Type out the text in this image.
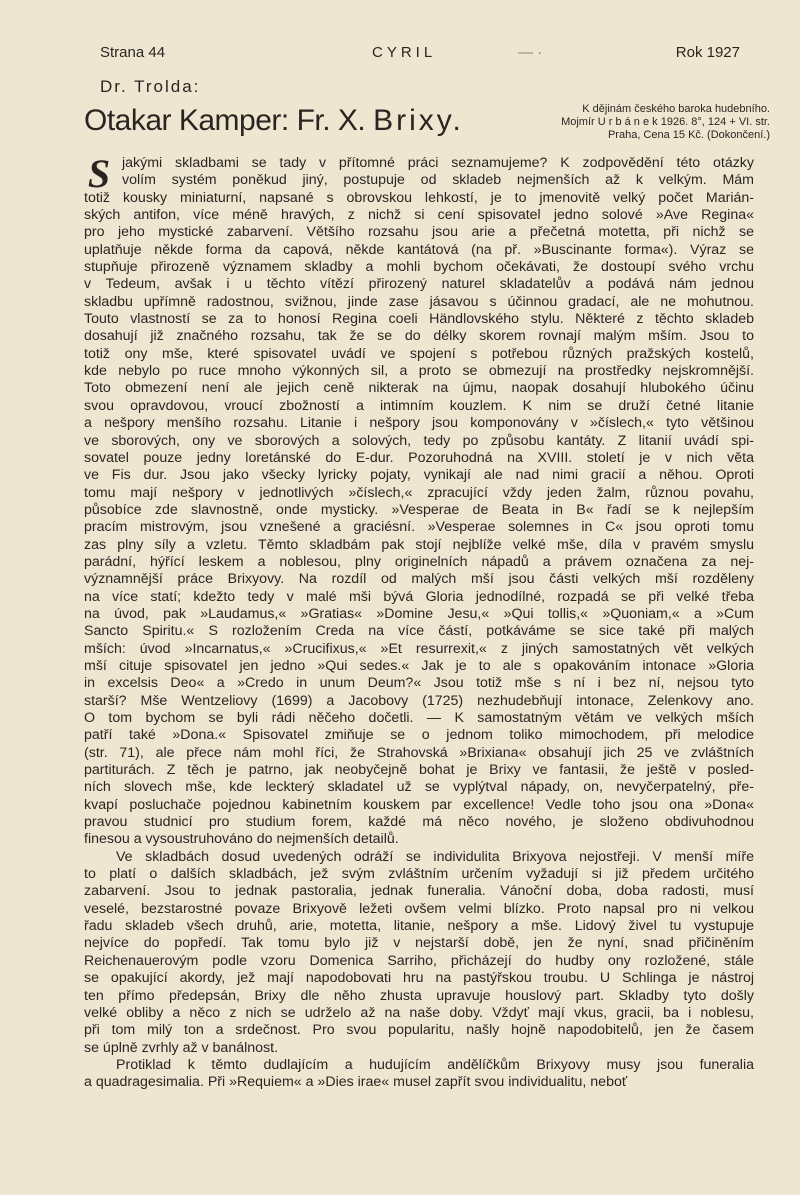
Strana 44	CYRIL	— ·	Rok 1927
Dr. Trolda:
Otakar Kamper: Fr. X. Brixy.	K dějinám českého baroka hudebního.
Mojmír U r b á n e k 1926. 8°, 124 + VI. str.
Praha, Cena 15 Kč. (Dokončení.)
S jakými skladbami se tady v přítomné práci seznamujeme? K zodpovědění této otázky
volím systém poněkud jiný, postupuje od skladeb nejmenších až k velkým. Mám
totiž kousky miniaturní, napsané s obrovskou lehkostí, je to jmenovitě velký počet Marián-
ských antifon, více méně hravých, z nichž si cení spisovatel jedno solové »Ave Regina«
pro jeho mystické zabarvení. Většího rozsahu jsou arie a přečetná motetta, při nichž se
uplatňuje někde forma da capová, někde kantátová (na př. »Buscinante forma«). Výraz se
stupňuje přirozeně významem skladby a mohli bychom očekávati, že dostoupí svého vrchu
v Tedeum, avšak i u těchto vítězí přirozený naturel skladatelův a podává nám jednou
skladbu upřímně radostnou, svižnou, jinde zase jásavou s účinnou gradací, ale ne mohutnou.
Touto vlastností se za to honosí Regina coeli Händlovského stylu. Některé z těchto skladeb
dosahují již značného rozsahu, tak že se do délky skorem rovnají malým mším. Jsou to
totiž ony mše, které spisovatel uvádí ve spojení s potřebou různých pražských kostelů,
kde nebylo po ruce mnoho výkonných sil, a proto se obmezují na prostředky nejskromnější.
Toto obmezení není ale jejich ceně nikterak na újmu, naopak dosahují hlubokého účinu
svou opravdovou, vroucí zbožností a intimním kouzlem. K nim se druží četné litanie
a nešpory menšího rozsahu. Litanie i nešpory jsou komponovány v »číslech,« tyto většinou
ve sborových, ony ve sborových a solových, tedy po způsobu kantáty. Z litanií uvádí spi-
sovatel pouze jedny loretánské do E-dur. Pozoruhodná na XVIII. století je v nich věta
ve Fis dur. Jsou jako všecky lyricky pojaty, vynikají ale nad nimi gracií a něhou. Oproti
tomu mají nešpory v jednotlivých »číslech,« zpracující vždy jeden žalm, různou povahu,
působíce zde slavnostně, onde mysticky. »Vesperae de Beata in B« řadí se k nejlepším
pracím mistrovým, jsou vznešené a graciésní. »Vesperae solemnes in C« jsou oproti tomu
zas plny síly a vzletu. Těmto skladbám pak stojí nejblíže velké mše, díla v pravém smyslu
parádní, hýřící leskem a noblesou, plny originelních nápadů a právem označena za nej-
významnější práce Brixyovy. Na rozdíl od malých mší jsou části velkých mší rozděleny
na více statí; kdežto tedy v malé mši bývá Gloria jednodílné, rozpadá se při velké třeba
na úvod, pak »Laudamus,« »Gratias« »Domine Jesu,« »Qui tollis,« »Quoniam,« a »Cum
Sancto Spiritu.« S rozložením Creda na více částí, potkáváme se sice také při malých
mších: úvod »Incarnatus,« »Crucifixus,« »Et resurrexit,« z jiných samostatných vět velkých
mší cituje spisovatel jen jedno »Qui sedes.« Jak je to ale s opakováním intonace »Gloria
in excelsis Deo« a »Credo in unum Deum?« Jsou totiž mše s ní i bez ní, nejsou tyto
starší? Mše Wentzeliovy (1699) a Jacobovy (1725) nezhudebňují intonace, Zelenkovy ano.
O tom bychom se byli rádi něčeho dočetli. — K samostatným větám ve velkých mších
patří také »Dona.« Spisovatel zmiňuje se o jednom toliko mimochodem, při melodice
(str. 71), ale přece nám mohl říci, že Strahovská »Brixiana« obsahují jich 25 ve zvláštních
partiturách. Z těch je patrno, jak neobyčejně bohat je Brixy ve fantasii, že ještě v posled-
ních slovech mše, kde leckterý skladatel už se vyplýtval nápady, on, nevyčerpatelný, pře-
kvapí posluchače pojednou kabinetním kouskem par excellence! Vedle toho jsou ona »Dona«
pravou studnicí pro studium forem, každé má něco nového, je složeno obdivuhodnou
finesou a vysoustruhováno do nejmenších detailů.
Ve skladbách dosud uvedených odráží se individulita Brixyova nejostřeji. V menší míře
to platí o dalších skladbách, jež svým zvláštním určením vyžadují si již předem určitého
zabarvení. Jsou to jednak pastoralia, jednak funeralia. Vánoční doba, doba radosti, musí
veselé, bezstarostné povaze Brixyově ležeti ovšem velmi blízko. Proto napsal pro ni velkou
řadu skladeb všech druhů, arie, motetta, litanie, nešpory a mše. Lidový živel tu vystupuje
nejvíce do popředí. Tak tomu bylo již v nejstarší době, jen že nyní, snad přičiněním
Reichenauerovým podle vzoru Domenica Sarriho, přicházejí do hudby ony rozložené, stále
se opakující akordy, jež mají napodobovati hru na pastýřskou troubu. U Schlinga je nástroj
ten přímo předepsán, Brixy dle něho zhusta upravuje houslový part. Skladby tyto došly
velké obliby a něco z nich se udrželo až na naše doby. Vždyť mají vkus, gracii, ba i noblesu,
při tom milý ton a srdečnost. Pro svou popularitu, našly hojně napodobitelů, jen že časem
se úplně zvrhly až v banálnost.
Protiklad k těmto dudlajícím a hudujícím andělíčkům Brixyovy musy jsou funeralia
a quadragesimalia. Při »Requiem« a »Dies irae« musel zapřít svou individualitu, neboť
